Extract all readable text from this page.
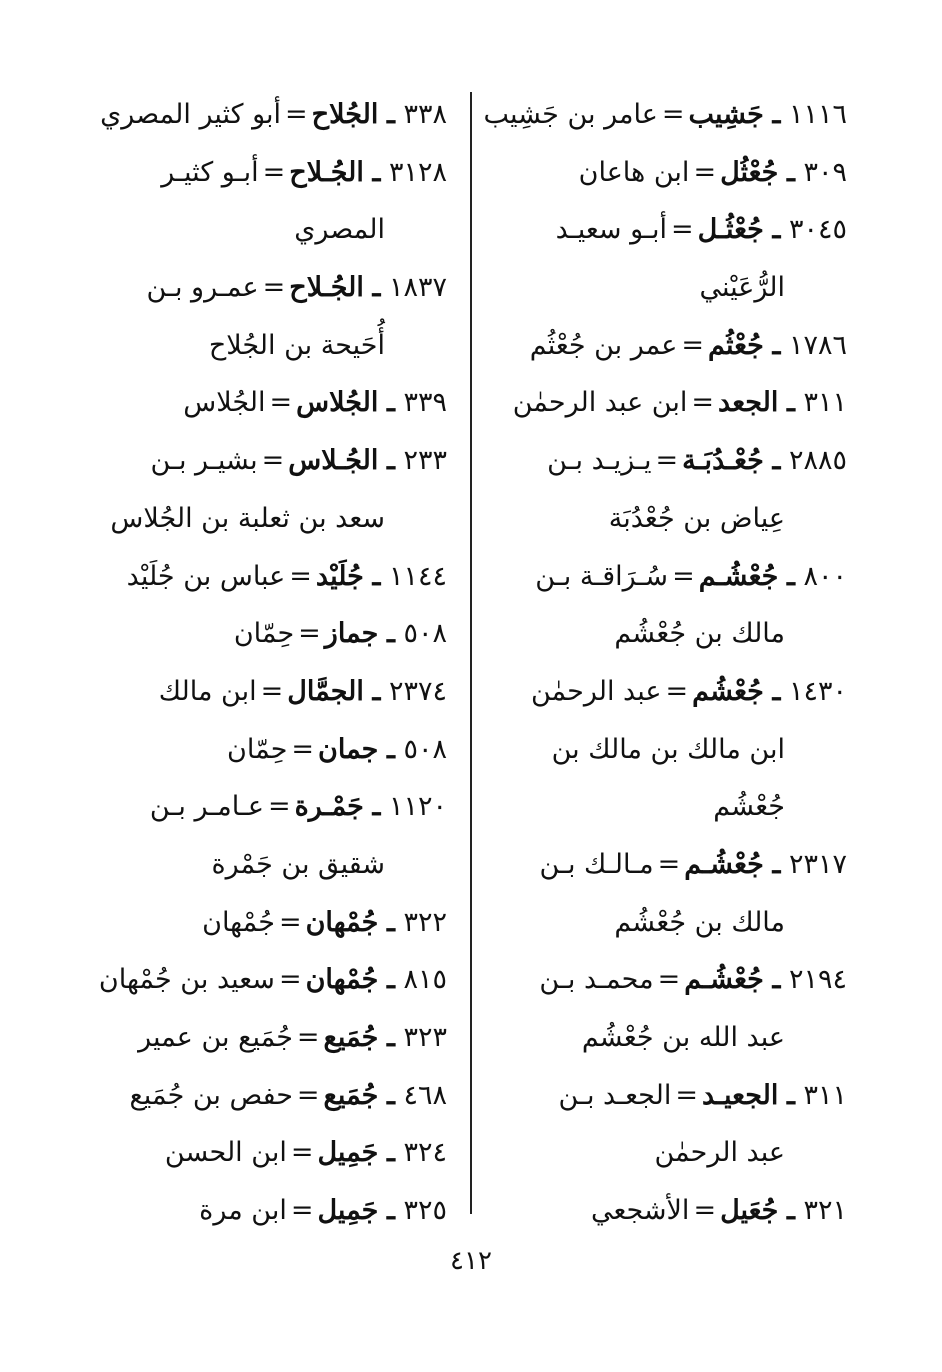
١١١٦ ـ جَشِيب=عامر بن جَشِيب
٣٠٩ ـ جُعْثُل=ابن هاعان
٣٠٤٥ ـ جُعْثُـل=أبـو سعيـد
الرُّعَيْني
١٧٨٦ ـ جُعْثُم=عمر بن جُعْثُم
٣١١ ـ الجعد=ابن عبد الرحمٰن
٢٨٨٥ ـ جُعْـدُبَـة=يـزيـد بـن
عِياض بن جُعْدُبَة
٨٠٠ ـ جُعْشُـم=سُـرَاقـة بـن
مالك بن جُعْشُم
١٤٣٠ ـ جُعْشُم=عبد الرحمٰن
ابن مالك بن مالك بن
جُعْشُم
٢٣١٧ ـ جُعْشُـم=مـالـك بـن
مالك بن جُعْشُم
٢١٩٤ ـ جُعْشُـم=محمـد بـن
عبد الله بن جُعْشُم
٣١١ ـ الجعيـد=الجعـد بـن
عبد الرحمٰن
٣٢١ ـ جُعَيل=الأشجعي
٣٣٨ ـ الجُلاح=أبو كثير المصري
٣١٢٨ ـ الجُـلاح=أبـو كثيـر
المصري
١٨٣٧ ـ الجُـلاح=عمـرو بـن
أُحَيحة بن الجُلاح
٣٣٩ ـ الجُلاس=الجُلاس
٢٣٣ ـ الجُـلاس=بشيـر بـن
سعد بن ثعلبة بن الجُلاس
١١٤٤ ـ جُلَيْد=عباس بن جُلَيْد
٥٠٨ ـ جماز=حِمّان
٢٣٧٤ ـ الجمَّال=ابن مالك
٥٠٨ ـ جمان=حِمّان
١١٢٠ ـ جَمْـرة=عـامـر بـن
شقيق بن جَمْرة
٣٢٢ ـ جُمْهان=جُمْهان
٨١٥ ـ جُمْهان=سعيد بن جُمْهان
٣٢٣ ـ جُمَيع=جُمَيع بن عمير
٤٦٨ ـ جُمَيع=حفص بن جُمَيع
٣٢٤ ـ جَمِيل=ابن الحسن
٣٢٥ ـ جَمِيل=ابن مرة
٤١٢
